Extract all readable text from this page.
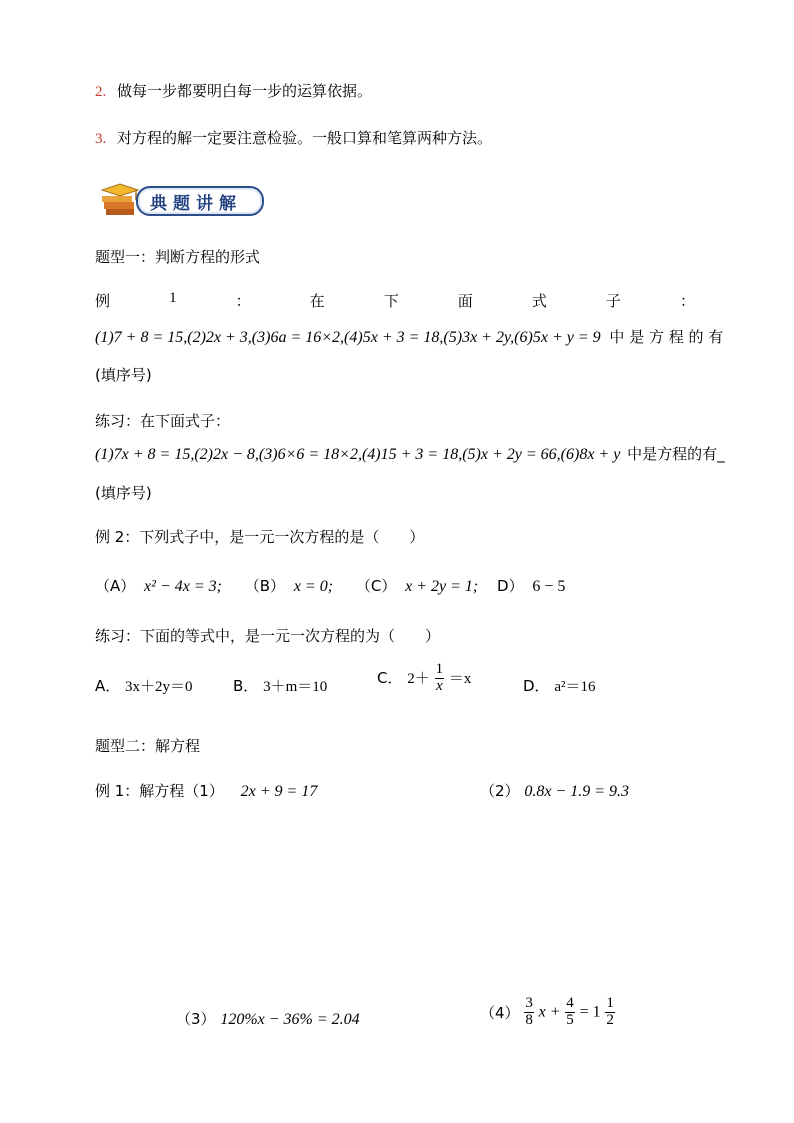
2. 做每一步都要明白每一步的运算依据。
3. 对方程的解一定要注意检验。一般口算和笔算两种方法。
典题讲解
题型一：判断方程的形式
例	1	：	在	下	面	式	子	：
(1)7 + 8 = 15,(2)2x + 3,(3)6a = 16×2,(4)5x + 3 = 18,(5)3x + 2y,(6)5x + y = 9 中 是 方 程 的 有
(填序号)
练习：在下面式子：
(1)7x + 8 = 15,(2)2x − 8,(3)6×6 = 18×2,(4)15 + 3 = 18,(5)x + 2y = 66,(6)8x + y 中是方程的有_
(填序号)
例 2：下列式子中，是一元一次方程的是（　　）
（A） x² − 4x = 3; （B） x = 0; （C） x + 2y = 1; D） 6 − 5
练习：下面的等式中，是一元一次方程的为（　　）
A． 3x＋2y＝0	B． 3＋m＝10
C． $2+ \frac{1}{x} =x$	D． a²＝16
题型二：解方程
例 1：解方程（1） 2x + 9 = 17	（2） 0.8x − 1.9 = 9.3
（3） 120%x − 36% = 2.04	$(4) \frac{3}{8}$ $x + \frac{4}{5} = 1 \frac{1}{2}$
